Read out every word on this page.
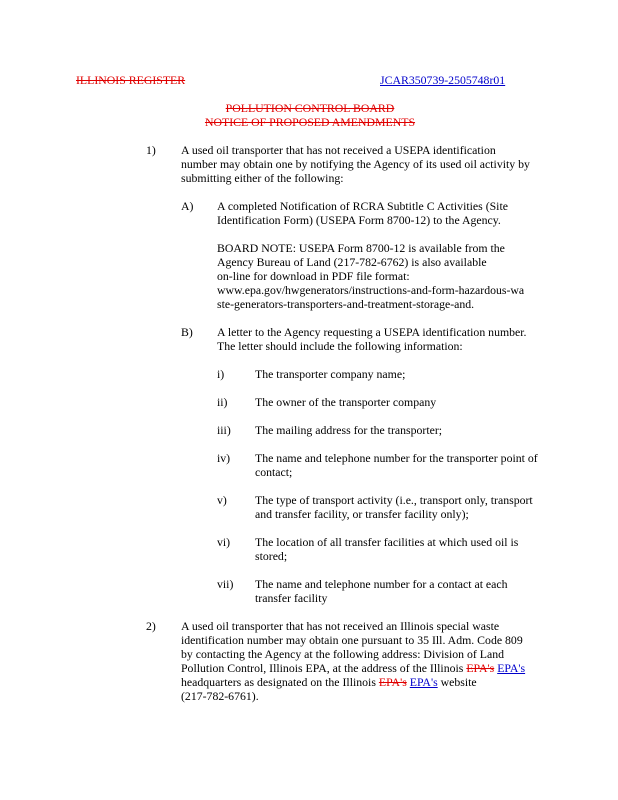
ILLINOIS REGISTER	JCAR350739-2505748r01
POLLUTION CONTROL BOARD
NOTICE OF PROPOSED AMENDMENTS
1) A used oil transporter that has not received a USEPA identification
number may obtain one by notifying the Agency of its used oil activity by
submitting either of the following:
A) A completed Notification of RCRA Subtitle C Activities (Site
Identification Form) (USEPA Form 8700-12) to the Agency.
BOARD NOTE: USEPA Form 8700-12 is available from the
Agency Bureau of Land (217-782-6762) is also available
on-line for download in PDF file format:
www.epa.gov/hwgenerators/instructions-and-form-hazardous-wa
ste-generators-transporters-and-treatment-storage-and.
B) A letter to the Agency requesting a USEPA identification number.
The letter should include the following information:
i)	The transporter company name;
ii) The owner of the transporter company
iii) The mailing address for the transporter;
iv) The name and telephone number for the transporter point of
contact;
v) The type of transport activity (i.e., transport only, transport
and transfer facility, or transfer facility only);
vi) The location of all transfer facilities at which used oil is
stored;
vii) The name and telephone number for a contact at each
transfer facility
2) A used oil transporter that has not received an Illinois special waste
identification number may obtain one pursuant to 35 Ill. Adm. Code 809
by contacting the Agency at the following address: Division of Land
Pollution Control, Illinois EPA, at the address of the Illinois EPA's EPA's
headquarters as designated on the Illinois EPA's EPA's website
(217-782-6761).
